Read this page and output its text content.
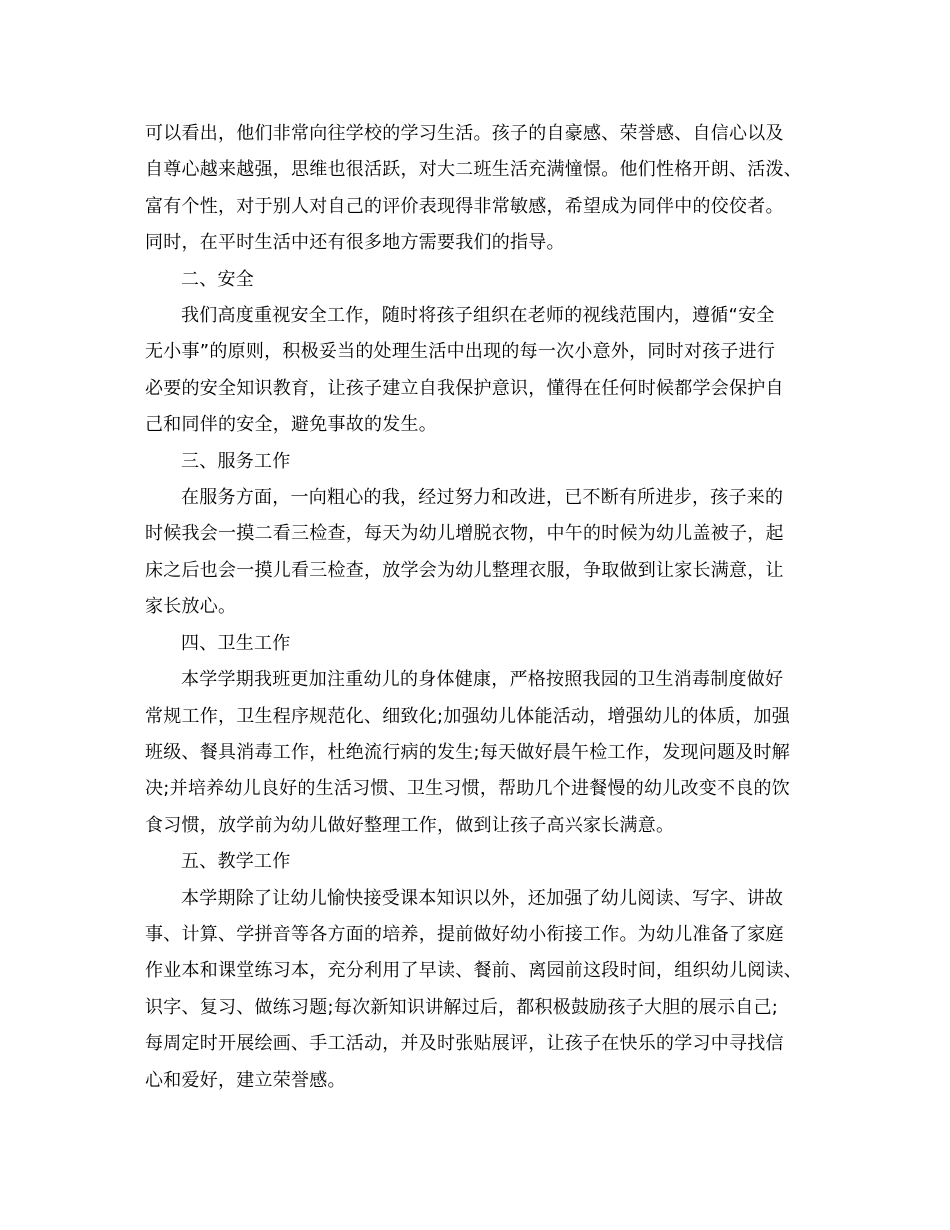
可以看出，他们非常向往学校的学习生活。孩子的自豪感、荣誉感、自信心以及
自尊心越来越强，思维也很活跃，对大二班生活充满憧憬。他们性格开朗、活泼、
富有个性，对于别人对自己的评价表现得非常敏感，希望成为同伴中的佼佼者。
同时，在平时生活中还有很多地方需要我们的指导。
二、安全
我们高度重视安全工作，随时将孩子组织在老师的视线范围内，遵循“安全
无小事”的原则，积极妥当的处理生活中出现的每一次小意外，同时对孩子进行
必要的安全知识教育，让孩子建立自我保护意识，懂得在任何时候都学会保护自
己和同伴的安全，避免事故的发生。
三、服务工作
在服务方面，一向粗心的我，经过努力和改进，已不断有所进步，孩子来的
时候我会一摸二看三检查，每天为幼儿增脱衣物，中午的时候为幼儿盖被子，起
床之后也会一摸儿看三检查，放学会为幼儿整理衣服，争取做到让家长满意，让
家长放心。
四、卫生工作
本学学期我班更加注重幼儿的身体健康，严格按照我园的卫生消毒制度做好
常规工作，卫生程序规范化、细致化;加强幼儿体能活动，增强幼儿的体质，加强
班级、餐具消毒工作，杜绝流行病的发生;每天做好晨午检工作，发现问题及时解
决;并培养幼儿良好的生活习惯、卫生习惯，帮助几个进餐慢的幼儿改变不良的饮
食习惯，放学前为幼儿做好整理工作，做到让孩子高兴家长满意。
五、教学工作
本学期除了让幼儿愉快接受课本知识以外，还加强了幼儿阅读、写字、讲故
事、计算、学拼音等各方面的培养，提前做好幼小衔接工作。为幼儿准备了家庭
作业本和课堂练习本，充分利用了早读、餐前、离园前这段时间，组织幼儿阅读、
识字、复习、做练习题;每次新知识讲解过后，都积极鼓励孩子大胆的展示自己;
每周定时开展绘画、手工活动，并及时张贴展评，让孩子在快乐的学习中寻找信
心和爱好，建立荣誉感。
